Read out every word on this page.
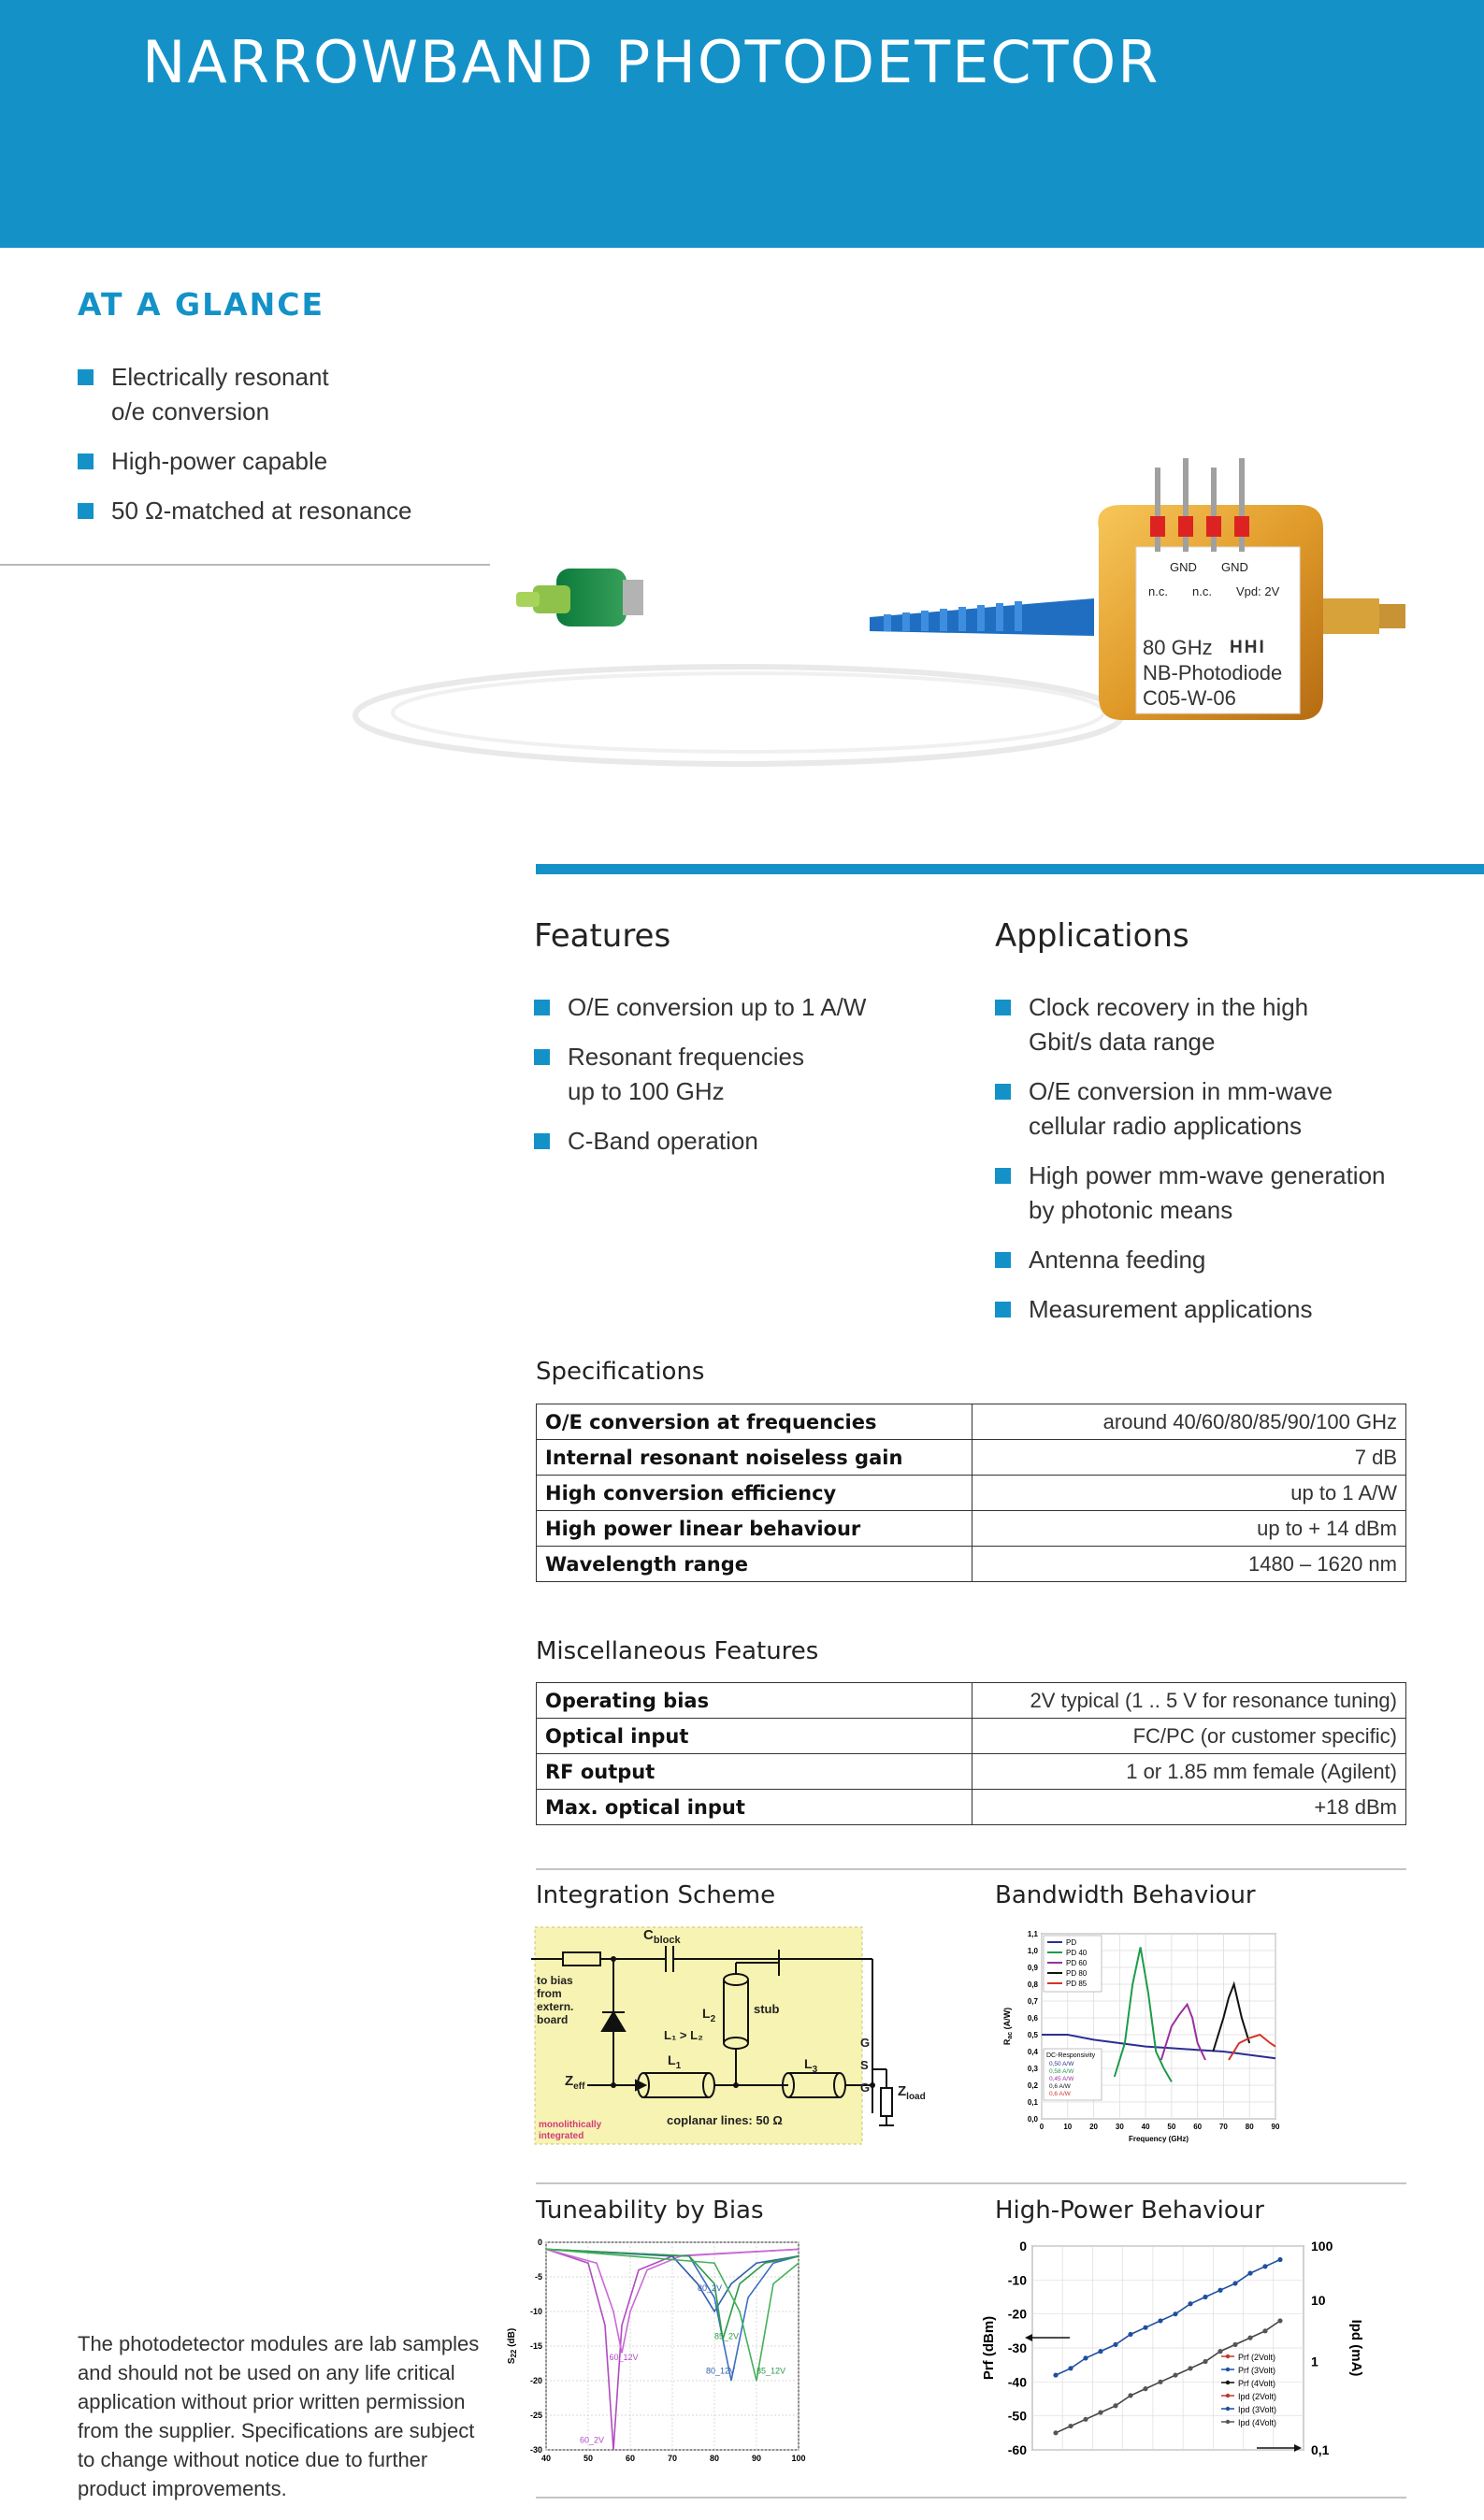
NARROWBAND PHOTODETECTOR
AT A GLANCE
Electrically resonant
o/e conversion
High-power capable
50 Ω-matched at resonance
GND GND
n.c. n.c. Vpd: 2V
HHI
80 GHz
NB-Photodiode
C05-W-06
Features
O/E conversion up to 1 A/W
Resonant frequencies
up to 100 GHz
C-Band operation
Applications
Clock recovery in the high
Gbit/s data range
O/E conversion in mm-wave
cellular radio applications
High power mm-wave generation
by photonic means
Antenna feeding
Measurement applications
Specifications
O/E conversion at frequencies	around 40/60/80/85/90/100 GHz
Internal resonant noiseless gain	7 dB
High conversion efficiency	up to 1 A/W
High power linear behaviour	up to + 14 dBm
Wavelength range	1480 – 1620 nm
Miscellaneous Features
Operating bias	2V typical (1 .. 5 V for resonance tuning)
Optical input	FC/PC (or customer specific)
RF output	1 or 1.85 mm female (Agilent)
Max. optical input	+18 dBm
Integration Scheme
$C_{block}$
to bias
from
extern.
board	$L_2$
stub
L₁ > L₂
$L_1$	$L_3$
$Z_{eff}$	$Z_{load}$
G
S
G
coplanar lines: 50 Ω
monolithically
integrated
Bandwidth Behaviour
0,0
0,1
0,2
0,3
0,4
0,5
0,6
0,7
0,8
0,9
1,0
1,1
0	10 20 30 40 50 60 70 80 90
Frequency (GHz)
$R_{ac}$ (A/W)
PD
PD 40
PD 60
PD 80
PD 85
DC-Responsivity
0,50 A/W
0,58 A/W
0,45 A/W
0,6 A/W
0,6 A/W
Tuneability by Bias
0
-5
-10
-15
-20
-25
-30
40	50	60	70	80	90	100
$S_{22}$ (dB)
80_2V
60_12V
85_2V
60_2V
80_12V	85_12V
High-Power Behaviour
0
-10
-20
-30
-40
-50
-60
100
10
1
0,1
Prf (dBm)	Ipd (mA)
Prf (2Volt)
Prf (3Volt)
Prf (4Volt)
Ipd (2Volt)
Ipd (3Volt)
Ipd (4Volt)
The photodetector modules are lab samples and should not be used on any life critical application without prior written permission from the supplier. Specifications are subject to change without notice due to further product improvements.
